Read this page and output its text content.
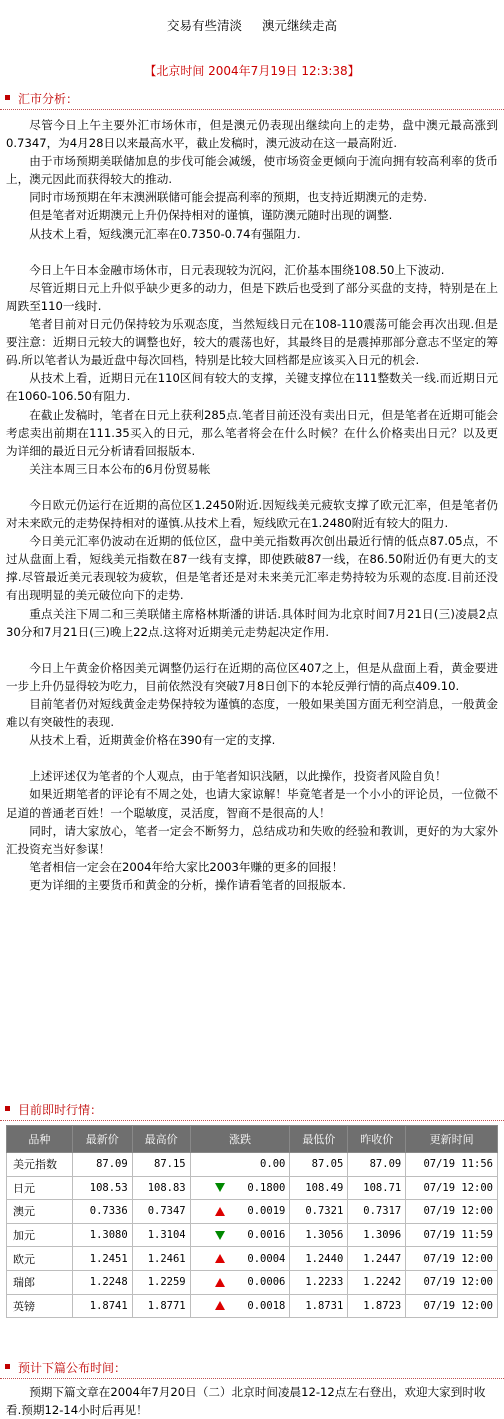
交易有些清淡 澳元继续走高
【北京时间 2004年7月19日 12:3:38】
汇市分析：

尽管今日上午主要外汇市场休市，但是澳元仍表现出继续向上的走势，盘中澳元最高涨到0.7347，为4月28日以来最高水平，截止发稿时，澳元波动在这一最高附近.

由于市场预期美联储加息的步伐可能会减缓，使市场资金更倾向于流向拥有较高利率的货币上，澳元因此而获得较大的推动.

同时市场预期在年末澳洲联储可能会提高利率的预期，也支持近期澳元的走势.

但是笔者对近期澳元上升仍保持相对的谨慎，谨防澳元随时出现的调整.

从技术上看，短线澳元汇率在0.7350-0.74有强阻力.

今日上午日本金融市场休市，日元表现较为沉闷，汇价基本围绕108.50上下波动.

尽管近期日元上升似乎缺少更多的动力，但是下跌后也受到了部分买盘的支持，特别是在上周跌至110一线时.

笔者目前对日元仍保持较为乐观态度，当然短线日元在108-110震荡可能会再次出现.但是要注意：近期日元较大的调整也好，较大的震荡也好，其最终目的是震掉那部分意志不坚定的筹码.所以笔者认为最近盘中每次回档，特别是比较大回档都是应该买入日元的机会.

从技术上看，近期日元在110区间有较大的支撑，关键支撑位在111整数关一线.而近期日元在1060-106.50有阻力.

在截止发稿时，笔者在日元上获利285点.笔者目前还没有卖出日元，但是笔者在近期可能会考虑卖出前期在111.35买入的日元，那么笔者将会在什么时候？在什么价格卖出日元？以及更为详细的最近日元分析请看回报版本.

关注本周三日本公布的6月份贸易帐

今日欧元仍运行在近期的高位区1.2450附近.因短线美元疲软支撑了欧元汇率，但是笔者仍对未来欧元的走势保持相对的谨慎.从技术上看，短线欧元在1.2480附近有较大的阻力.

今日美元汇率仍波动在近期的低位区，盘中美元指数再次创出最近行情的低点87.05点，不过从盘面上看，短线美元指数在87一线有支撑，即使跌破87一线，在86.50附近仍有更大的支撑.尽管最近美元表现较为疲软，但是笔者还是对未来美元汇率走势持较为乐观的态度.目前还没有出现明显的美元破位向下的走势.

重点关注下周二和三美联储主席格林斯潘的讲话.具体时间为北京时间7月21日(三)凌晨2点30分和7月21日(三)晚上22点.这将对近期美元走势起决定作用.

今日上午黄金价格因美元调整仍运行在近期的高位区407之上，但是从盘面上看，黄金要进一步上升仍显得较为吃力，目前依然没有突破7月8日创下的本轮反弹行情的高点409.10.

目前笔者仍对短线黄金走势保持较为谨慎的态度，一般如果美国方面无利空消息，一般黄金难以有突破性的表现.

从技术上看，近期黄金价格在390有一定的支撑.

上述评述仅为笔者的个人观点，由于笔者知识浅陋，以此操作，投资者风险自负！

如果近期笔者的评论有不周之处，也请大家谅解！毕竟笔者是一个小小的评论员，一位微不足道的普通老百姓！一个聪敏度，灵活度，智商不是很高的人！

同时，请大家放心，笔者一定会不断努力，总结成功和失败的经验和教训，更好的为大家外汇投资充当好参谋！

笔者相信一定会在2004年给大家比2003年赚的更多的回报！

更为详细的主要货币和黄金的分析，操作请看笔者的回报版本.

目前即时行情：
品种	最新价	最高价	涨跌	最低价	昨收价	更新时间
美元指数	87.09	87.15	0.00	87.05	87.09	07/19 11:56
日元	108.53	108.83	0.1800	108.49	108.71	07/19 12:00
澳元	0.7336	0.7347	0.0019	0.7321	0.7317	07/19 12:00
加元	1.3080	1.3104	0.0016	1.3056	1.3096	07/19 11:59
欧元	1.2451	1.2461	0.0004	1.2440	1.2447	07/19 12:00
瑞郎	1.2248	1.2259	0.0006	1.2233	1.2242	07/19 12:00
英镑	1.8741	1.8771	0.0018	1.8731	1.8723	07/19 12:00
预计下篇公布时间：

预期下篇文章在2004年7月20日（二）北京时间凌晨12-12点左右登出，欢迎大家到时收看.预期12-14小时后再见！
